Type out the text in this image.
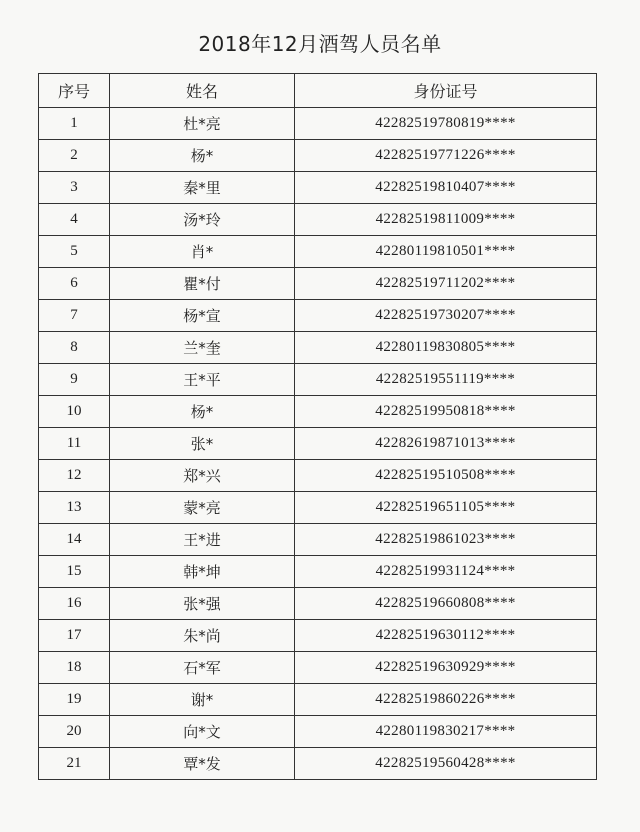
2018年12月酒驾人员名单
序号	姓名	身份证号
1	杜*亮	42282519780819****
2	杨*	42282519771226****
3	秦*里	42282519810407****
4	汤*玲	42282519811009****
5	肖*	42280119810501****
6	瞿*付	42282519711202****
7	杨*宣	42282519730207****
8	兰*奎	42280119830805****
9	王*平	42282519551119****
10	杨*	42282519950818****
11	张*	42282619871013****
12	郑*兴	42282519510508****
13	蒙*亮	42282519651105****
14	王*进	42282519861023****
15	韩*坤	42282519931124****
16	张*强	42282519660808****
17	朱*尚	42282519630112****
18	石*军	42282519630929****
19	谢*	42282519860226****
20	向*文	42280119830217****
21	覃*发	42282519560428****
